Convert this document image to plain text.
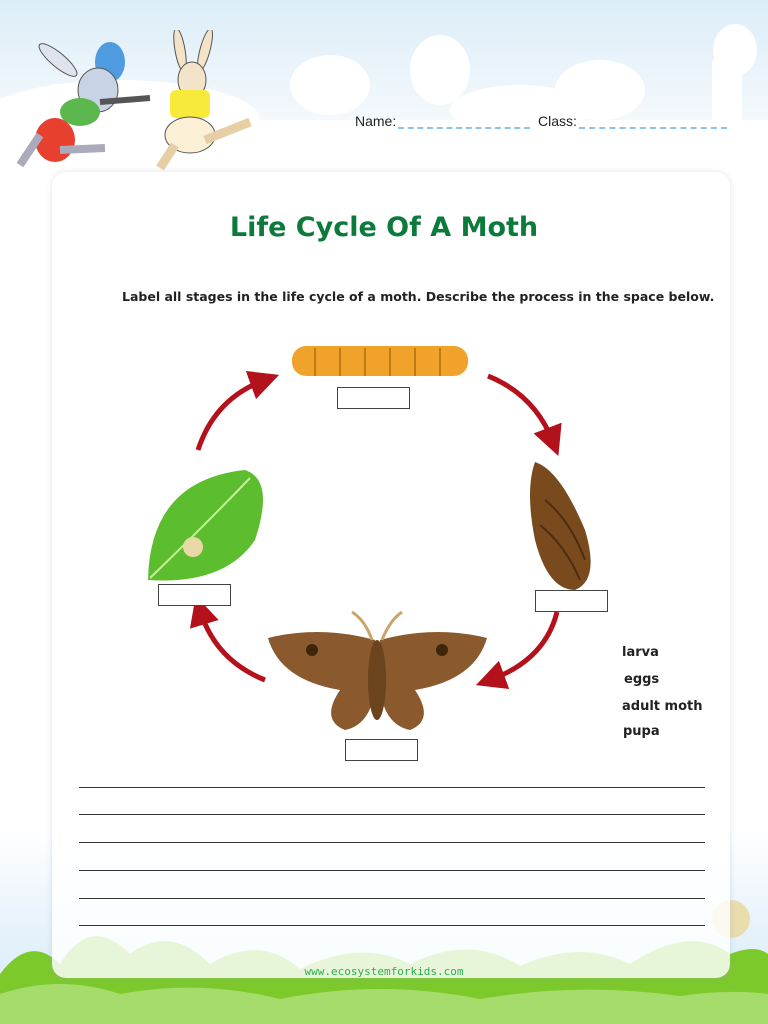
Name:	Class:
Life Cycle Of A Moth
Label all stages in the life cycle of a moth. Describe the process in the space below.
larva
eggs
adult moth
pupa
www.ecosystemforkids.com
